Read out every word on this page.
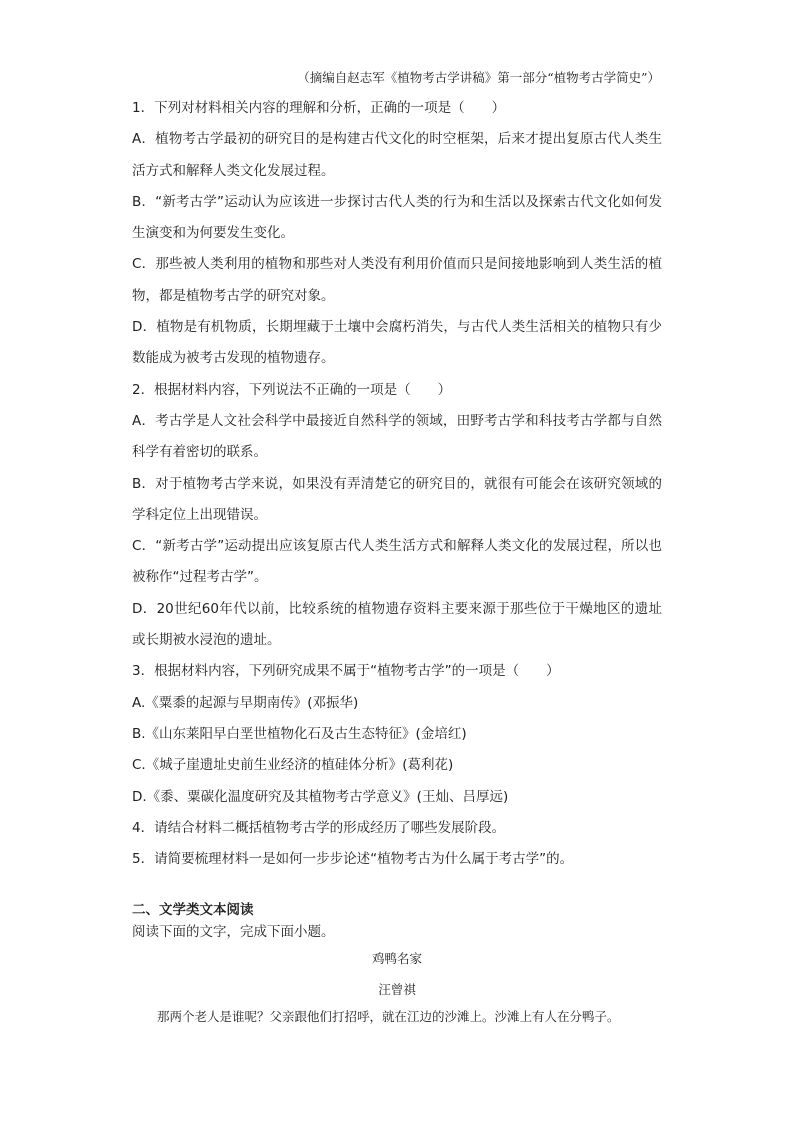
（摘编自赵志军《植物考古学讲稿》第一部分“植物考古学简史”）

1．下列对材料相关内容的理解和分析，正确的一项是（　　）

A．植物考古学最初的研究目的是构建古代文化的时空框架，后来才提出复原古代人类生活方式和解释人类文化发展过程。

B．“新考古学”运动认为应该进一步探讨古代人类的行为和生活以及探索古代文化如何发生演变和为何要发生变化。

C．那些被人类利用的植物和那些对人类没有利用价值而只是间接地影响到人类生活的植物，都是植物考古学的研究对象。

D．植物是有机物质，长期埋藏于土壤中会腐朽消失，与古代人类生活相关的植物只有少数能成为被考古发现的植物遗存。

2．根据材料内容，下列说法不正确的一项是（　　）

A．考古学是人文社会科学中最接近自然科学的领域，田野考古学和科技考古学都与自然科学有着密切的联系。

B．对于植物考古学来说，如果没有弄清楚它的研究目的，就很有可能会在该研究领域的学科定位上出现错误。

C．“新考古学”运动提出应该复原古代人类生活方式和解释人类文化的发展过程，所以也被称作“过程考古学”。

D．20世纪60年代以前，比较系统的植物遗存资料主要来源于那些位于干燥地区的遗址或长期被水浸泡的遗址。

3．根据材料内容，下列研究成果不属于“植物考古学”的一项是（　　）

A.《粟黍的起源与早期南传》(邓振华)

B.《山东莱阳早白垩世植物化石及古生态特征》(金培红)

C.《城子崖遗址史前生业经济的植硅体分析》(葛利花)

D.《黍、粟碳化温度研究及其植物考古学意义》(王灿、吕厚远)

4．请结合材料二概括植物考古学的形成经历了哪些发展阶段。

5．请简要梳理材料一是如何一步步论述“植物考古为什么属于考古学”的。

二、文学类文本阅读

阅读下面的文字，完成下面小题。

鸡鸭名家

汪曾祺

那两个老人是谁呢？父亲跟他们打招呼，就在江边的沙滩上。沙滩上有人在分鸭子。
